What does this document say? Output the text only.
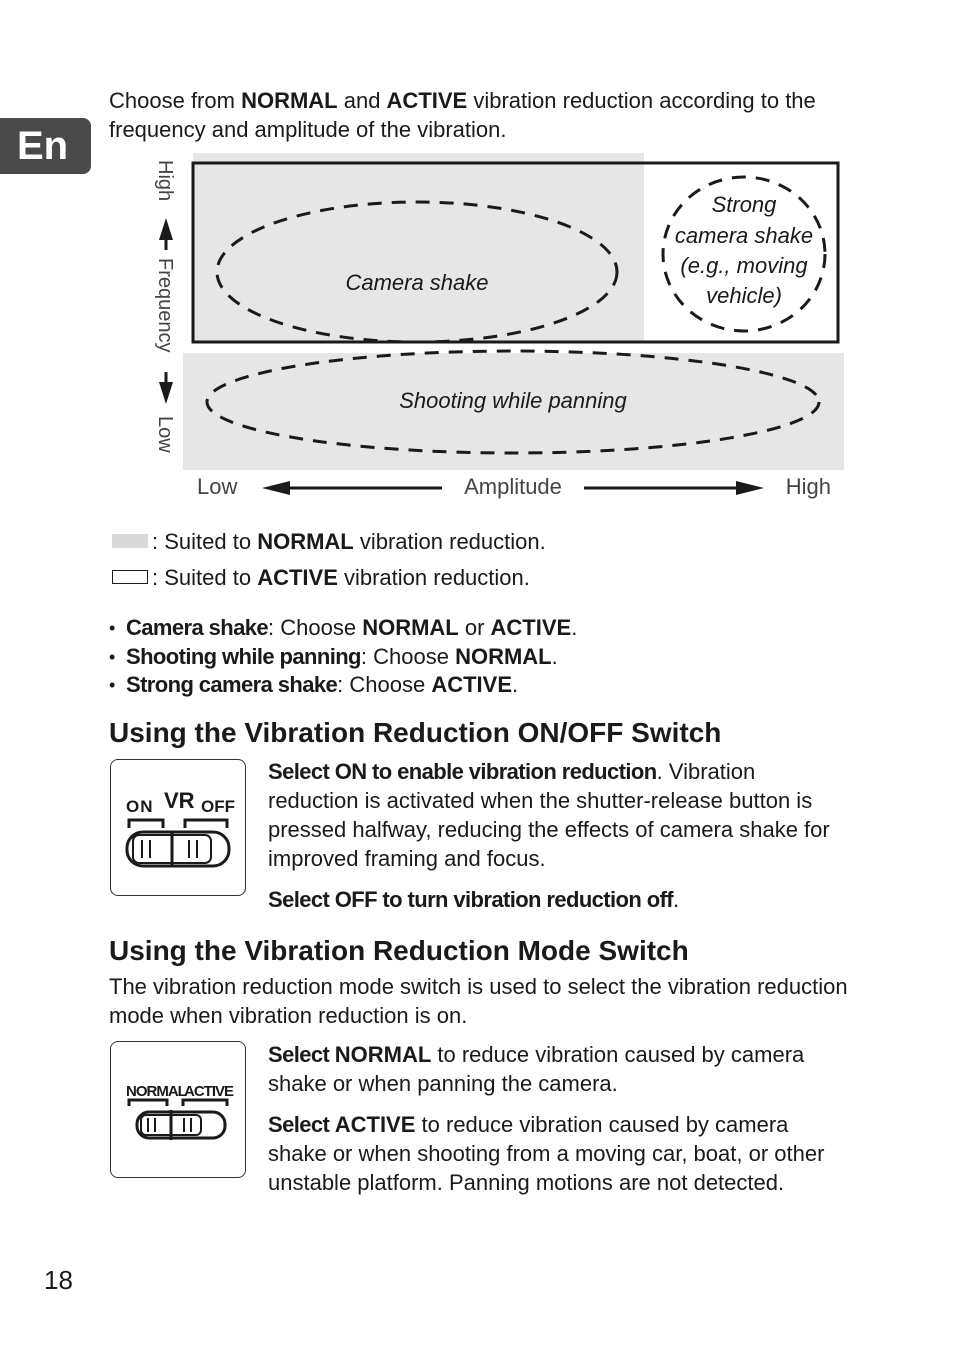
En

Choose from NORMAL and ACTIVE vibration reduction according to the frequency and amplitude of the vibration.

Camera shake
Shooting while panning
Strong
camera shake
(e.g., moving
vehicle)
High
Frequency
Low
Low	Amplitude	High
: Suited to NORMAL vibration reduction.
: Suited to ACTIVE vibration reduction.
• Camera shake: Choose NORMAL or ACTIVE.
• Shooting while panning: Choose NORMAL.
• Strong camera shake: Choose ACTIVE.
Using the Vibration Reduction ON/OFF Switch
ON VR OFF

Select ON to enable vibration reduction. Vibration reduction is activated when the shutter-release button is pressed halfway, reducing the effects of camera shake for improved framing and focus.

Select OFF to turn vibration reduction off.

Using the Vibration Reduction Mode Switch

The vibration reduction mode switch is used to select the vibration reduction mode when vibration reduction is on.

NORMAL
ACTIVE

Select NORMAL to reduce vibration caused by camera shake or when panning the camera.

Select ACTIVE to reduce vibration caused by camera shake or when shooting from a moving car, boat, or other unstable platform. Panning motions are not detected.

18
